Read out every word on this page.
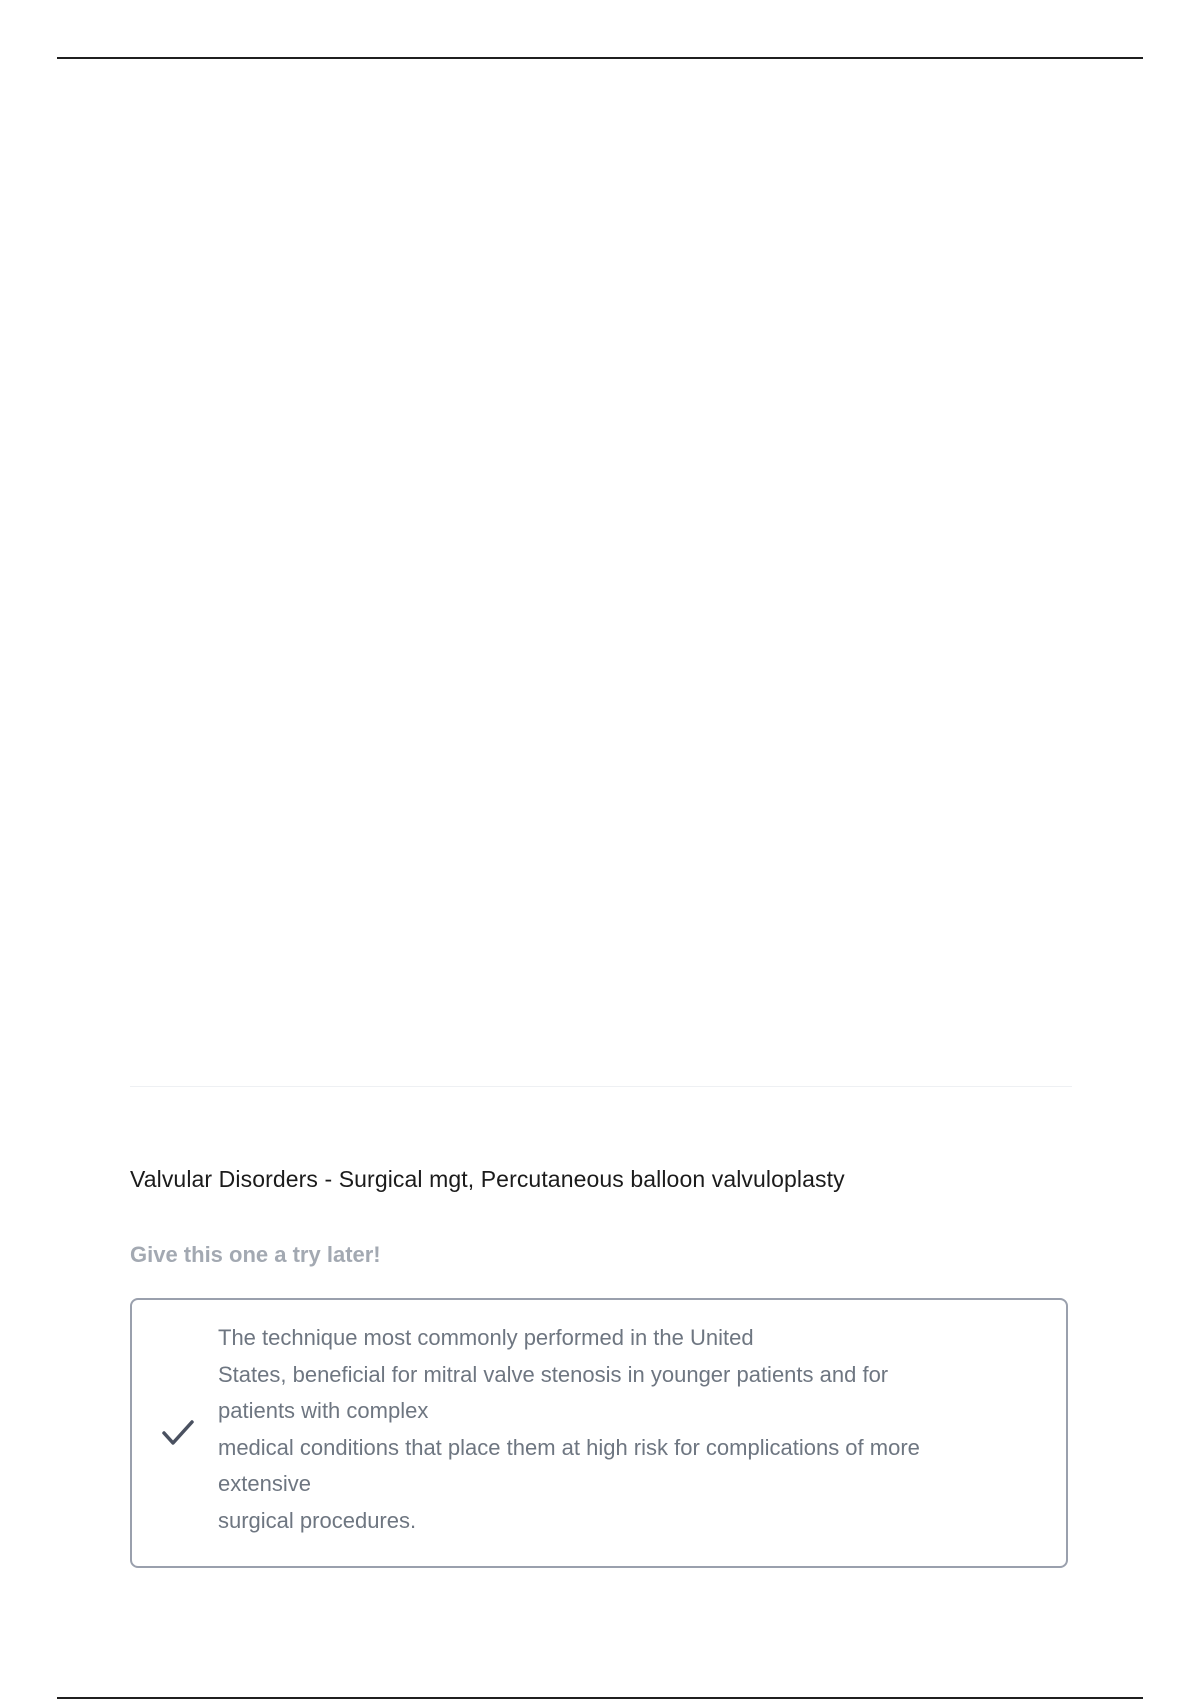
Valvular Disorders - Surgical mgt, Percutaneous balloon valvuloplasty

Give this one a try later!

The technique most commonly performed in the United
States, beneficial for mitral valve stenosis in younger patients and for
patients with complex
medical conditions that place them at high risk for complications of more
extensive
surgical procedures.
